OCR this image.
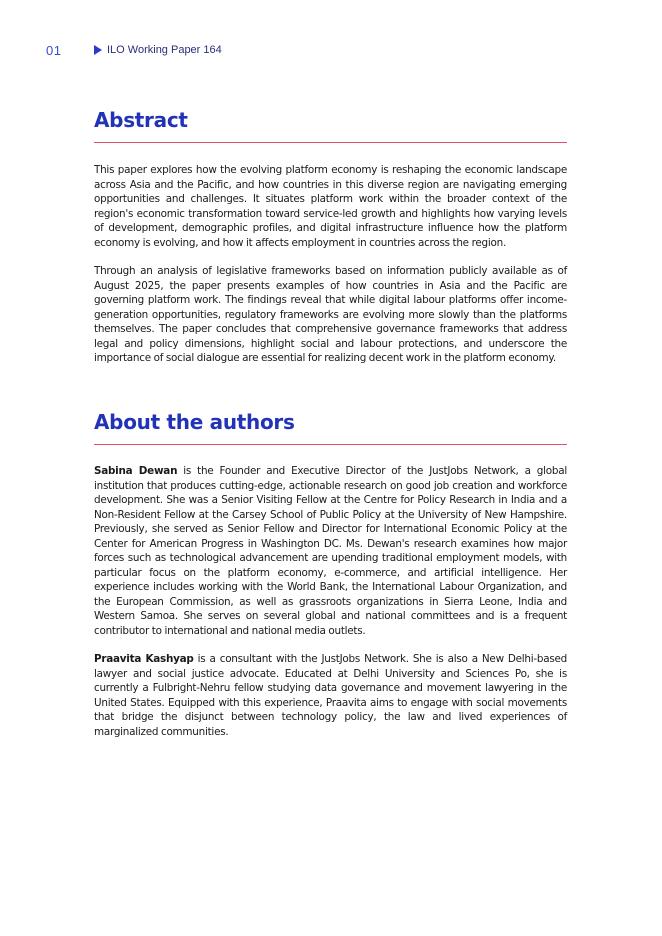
01	ILO Working Paper 164
Abstract

This paper explores how the evolving platform economy is reshaping the economic landscape across Asia and the Pacific, and how countries in this diverse region are navigating emerging opportunities and challenges. It situates platform work within the broader context of the region's economic transformation toward service-led growth and highlights how varying levels of development, demographic profiles, and digital infrastructure influence how the platform economy is evolving, and how it affects employment in countries across the region.

Through an analysis of legislative frameworks based on information publicly available as of August 2025, the paper presents examples of how countries in Asia and the Pacific are governing platform work. The findings reveal that while digital labour platforms offer income-generation opportunities, regulatory frameworks are evolving more slowly than the platforms themselves. The paper concludes that comprehensive governance frameworks that address legal and policy dimensions, highlight social and labour protections, and underscore the importance of social dialogue are essential for realizing decent work in the platform economy.

About the authors

Sabina Dewan is the Founder and Executive Director of the JustJobs Network, a global institution that produces cutting-edge, actionable research on good job creation and workforce development. She was a Senior Visiting Fellow at the Centre for Policy Research in India and a Non-Resident Fellow at the Carsey School of Public Policy at the University of New Hampshire. Previously, she served as Senior Fellow and Director for International Economic Policy at the Center for American Progress in Washington DC. Ms. Dewan's research examines how major forces such as technological advancement are upending traditional employment models, with particular focus on the platform economy, e-commerce, and artificial intelligence. Her experience includes working with the World Bank, the International Labour Organization, and the European Commission, as well as grassroots organizations in Sierra Leone, India and Western Samoa. She serves on several global and national committees and is a frequent contributor to international and national media outlets.

Praavita Kashyap is a consultant with the JustJobs Network. She is also a New Delhi-based lawyer and social justice advocate. Educated at Delhi University and Sciences Po, she is currently a Fulbright-Nehru fellow studying data governance and movement lawyering in the United States. Equipped with this experience, Praavita aims to engage with social movements that bridge the disjunct between technology policy, the law and lived experiences of marginalized communities.
